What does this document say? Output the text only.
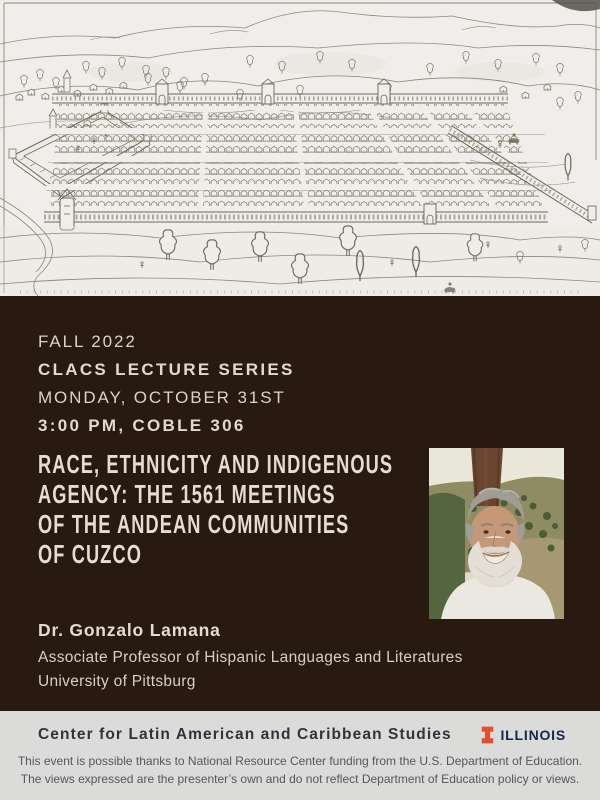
FALL 2022
CLACS LECTURE SERIES
MONDAY, OCTOBER 31ST
3:00 PM, COBLE 306
RACE, ETHNICITY AND INDIGENOUS
AGENCY: THE 1561 MEETINGS
OF THE ANDEAN COMMUNITIES
OF CUZCO
Dr. Gonzalo Lamana
Associate Professor of Hispanic Languages and Literatures
University of Pittsburg
Center for Latin American and Caribbean Studies	ILLINOIS
This event is possible thanks to National Resource Center funding from the U.S. Department of Education.
The views expressed are the presenter’s own and do not reflect Department of Education policy or views.
